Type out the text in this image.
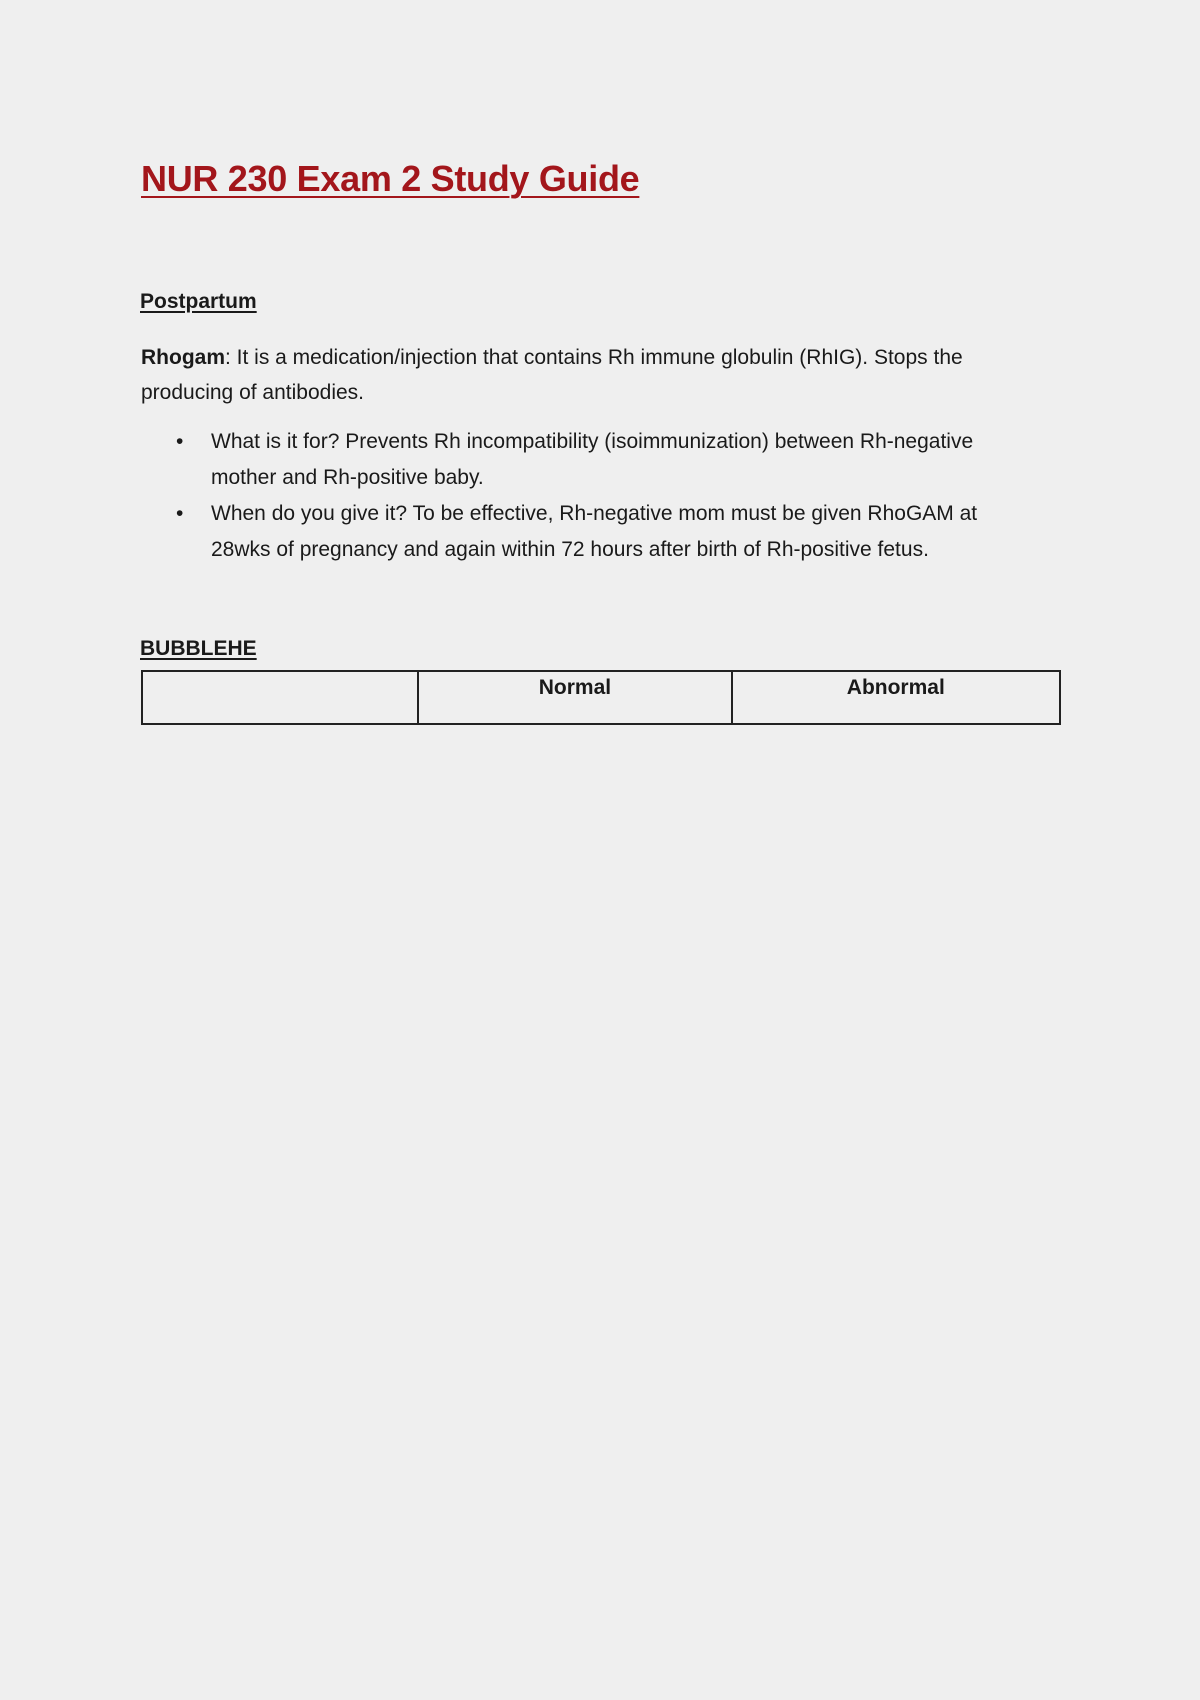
NUR 230 Exam 2 Study Guide
Postpartum

Rhogam: It is a medication/injection that contains Rh immune globulin (RhIG). Stops the producing of antibodies.

• What is it for? Prevents Rh incompatibility (isoimmunization) between Rh-negative mother and Rh-positive baby.
• When do you give it? To be effective, Rh-negative mom must be given RhoGAM at 28wks of pregnancy and again within 72 hours after birth of Rh-positive fetus.
BUBBLEHE
	Normal	Abnormal
